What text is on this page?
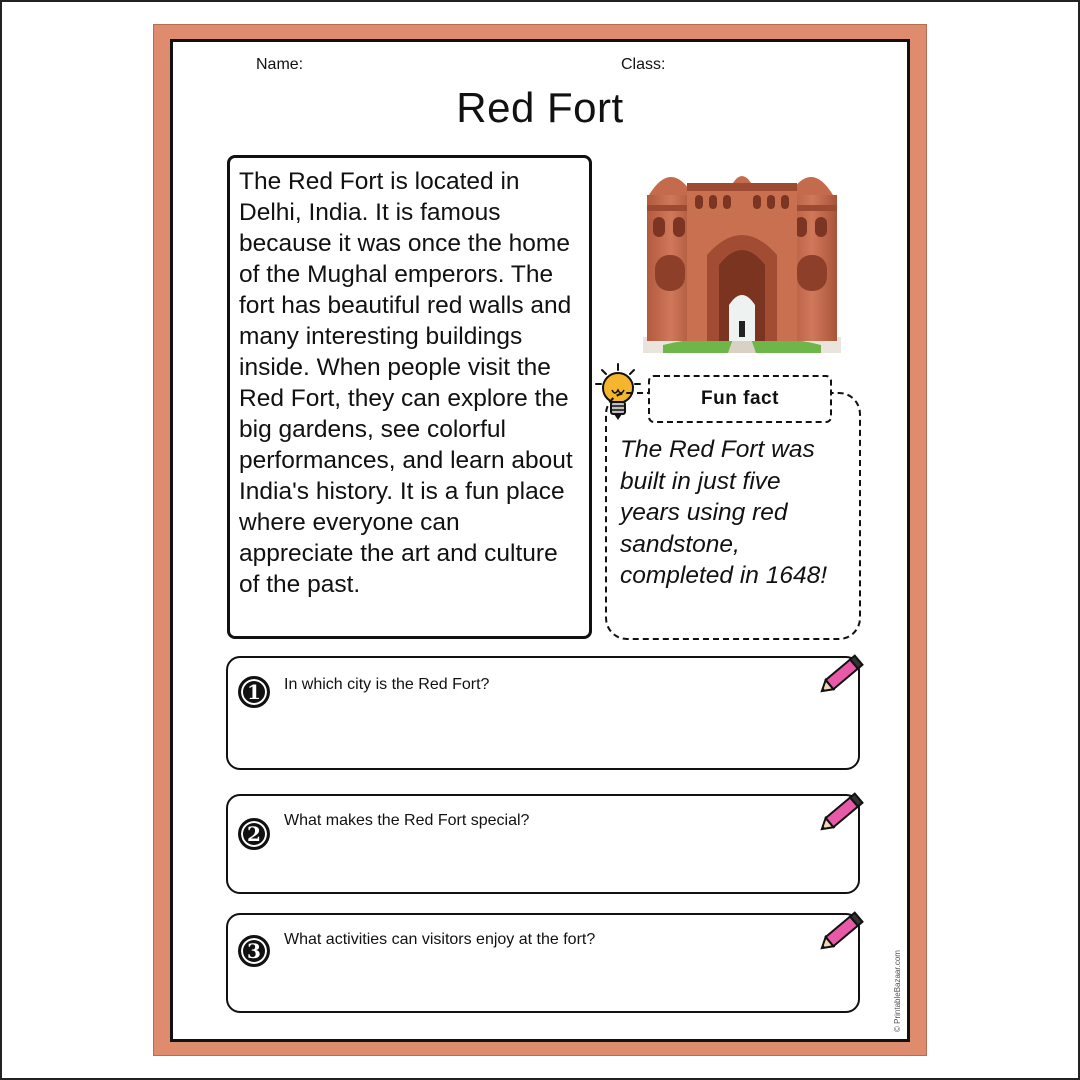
Name:	Class:
Red Fort

The Red Fort is located in Delhi, India. It is famous because it was once the home of the Mughal emperors. The fort has beautiful red walls and many interesting buildings inside. When people visit the Red Fort, they can explore the big gardens, see colorful performances, and learn about India's history. It is a fun place where everyone can appreciate the art and culture of the past.

The Red Fort was built in just five years using red sandstone, completed in 1648!
Fun fact
1	In which city is the Red Fort?
2
What makes the Red Fort special?
3	What activities can visitors enjoy at the fort?
© PrintableBazaar.com
